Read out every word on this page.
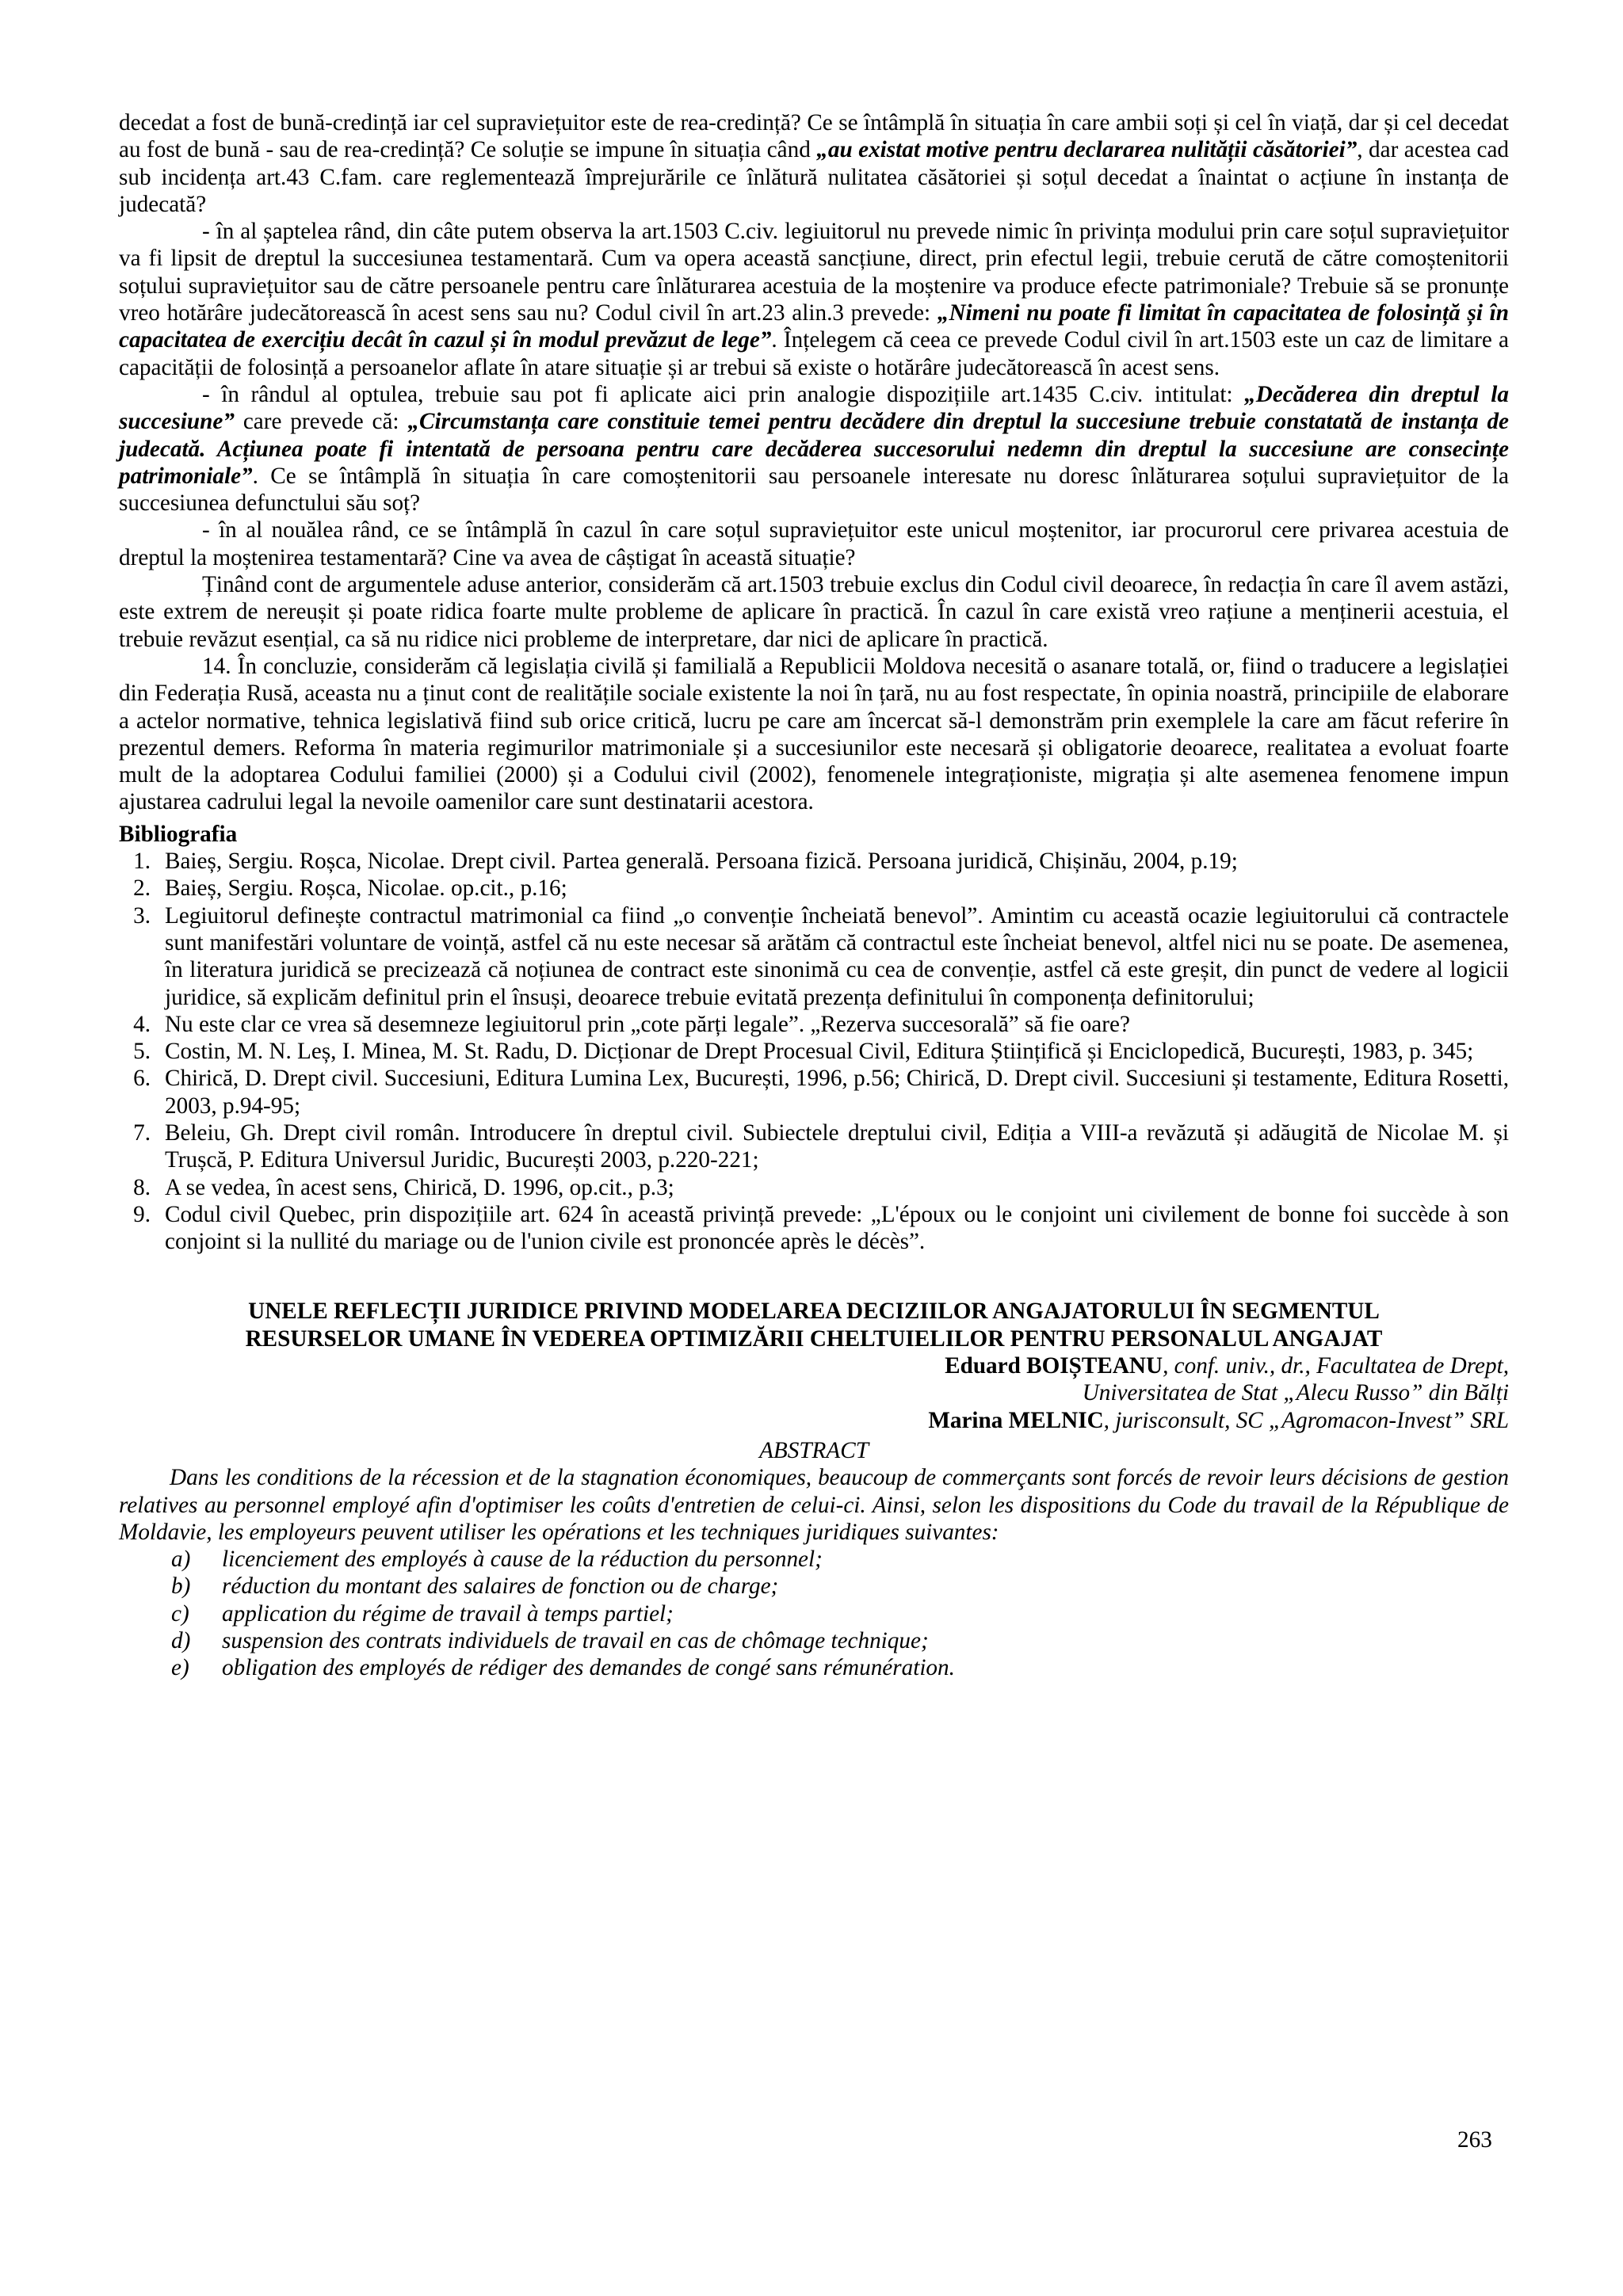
decedat a fost de bună-credință iar cel supraviețuitor este de rea-credință? Ce se întâmplă în situația în care ambii soți și cel în viață, dar și cel decedat au fost de bună - sau de rea-credință? Ce soluție se impune în situația când „au existat motive pentru declararea nulității căsătoriei”, dar acestea cad sub incidența art.43 C.fam. care reglementează împrejurările ce înlătură nulitatea căsătoriei și soțul decedat a înaintat o acțiune în instanța de judecată?

- în al șaptelea rând, din câte putem observa la art.1503 C.civ. legiuitorul nu prevede nimic în privința modului prin care soțul supraviețuitor va fi lipsit de dreptul la succesiunea testamentară. Cum va opera această sancțiune, direct, prin efectul legii, trebuie cerută de către comoștenitorii soțului supraviețuitor sau de către persoanele pentru care înlăturarea acestuia de la moștenire va produce efecte patrimoniale? Trebuie să se pronunțe vreo hotărâre judecătorească în acest sens sau nu? Codul civil în art.23 alin.3 prevede: „Nimeni nu poate fi limitat în capacitatea de folosință și în capacitatea de exercițiu decât în cazul și în modul prevăzut de lege”. Înțelegem că ceea ce prevede Codul civil în art.1503 este un caz de limitare a capacității de folosință a persoanelor aflate în atare situație și ar trebui să existe o hotărâre judecătorească în acest sens.

- în rândul al optulea, trebuie sau pot fi aplicate aici prin analogie dispozițiile art.1435 C.civ. intitulat: „Decăderea din dreptul la succesiune” care prevede că: „Circumstanța care constituie temei pentru decădere din dreptul la succesiune trebuie constatată de instanța de judecată. Acțiunea poate fi intentată de persoana pentru care decăderea succesorului nedemn din dreptul la succesiune are consecințe patrimoniale”. Ce se întâmplă în situația în care comoștenitorii sau persoanele interesate nu doresc înlăturarea soțului supraviețuitor de la succesiunea defunctului său soț?

- în al nouălea rând, ce se întâmplă în cazul în care soțul supraviețuitor este unicul moștenitor, iar procurorul cere privarea acestuia de dreptul la moștenirea testamentară? Cine va avea de câștigat în această situație?

Ținând cont de argumentele aduse anterior, considerăm că art.1503 trebuie exclus din Codul civil deoarece, în redacția în care îl avem astăzi, este extrem de nereușit și poate ridica foarte multe probleme de aplicare în practică. În cazul în care există vreo rațiune a menținerii acestuia, el trebuie revăzut esențial, ca să nu ridice nici probleme de interpretare, dar nici de aplicare în practică.

14. În concluzie, considerăm că legislația civilă și familială a Republicii Moldova necesită o asanare totală, or, fiind o traducere a legislației din Federația Rusă, aceasta nu a ținut cont de realitățile sociale existente la noi în țară, nu au fost respectate, în opinia noastră, principiile de elaborare a actelor normative, tehnica legislativă fiind sub orice critică, lucru pe care am încercat să-l demonstrăm prin exemplele la care am făcut referire în prezentul demers. Reforma în materia regimurilor matrimoniale și a succesiunilor este necesară și obligatorie deoarece, realitatea a evoluat foarte mult de la adoptarea Codului familiei (2000) și a Codului civil (2002), fenomenele integraționiste, migrația și alte asemenea fenomene impun ajustarea cadrului legal la nevoile oamenilor care sunt destinatarii acestora.

Bibliografia

1. Baieș, Sergiu. Roșca, Nicolae. Drept civil. Partea generală. Persoana fizică. Persoana juridică, Chișinău, 2004, p.19;
2. Baieș, Sergiu. Roșca, Nicolae. op.cit., p.16;
3. Legiuitorul definește contractul matrimonial ca fiind „o convenție încheiată benevol”. Amintim cu această ocazie legiuitorului că contractele sunt manifestări voluntare de voință, astfel că nu este necesar să arătăm că contractul este încheiat benevol, altfel nici nu se poate. De asemenea, în literatura juridică se precizează că noțiunea de contract este sinonimă cu cea de convenție, astfel că este greșit, din punct de vedere al logicii juridice, să explicăm definitul prin el însuși, deoarece trebuie evitată prezența definitului în componența definitorului;
4. Nu este clar ce vrea să desemneze legiuitorul prin „cote părți legale”. „Rezerva succesorală” să fie oare?
5. Costin, M. N. Leș, I. Minea, M. St. Radu, D. Dicționar de Drept Procesual Civil, Editura Științifică și Enciclopedică, București, 1983, p. 345;
6. Chirică, D. Drept civil. Succesiuni, Editura Lumina Lex, București, 1996, p.56; Chirică, D. Drept civil. Succesiuni și testamente, Editura Rosetti, 2003, p.94-95;
7. Beleiu, Gh. Drept civil român. Introducere în dreptul civil. Subiectele dreptului civil, Ediția a VIII-a revăzută și adăugită de Nicolae M. și Trușcă, P. Editura Universul Juridic, București 2003, p.220-221;
8. A se vedea, în acest sens, Chirică, D. 1996, op.cit., p.3;
9. Codul civil Quebec, prin dispozițiile art. 624 în această privință prevede: „L'époux ou le conjoint uni civilement de bonne foi succède à son conjoint si la nullité du mariage ou de l'union civile est prononcée après le décès”.
UNELE REFLECȚII JURIDICE PRIVIND MODELAREA DECIZIILOR ANGAJATORULUI ÎN SEGMENTUL
RESURSELOR UMANE ÎN VEDEREA OPTIMIZĂRII CHELTUIELILOR PENTRU PERSONALUL ANGAJAT
Eduard BOIȘTEANU, conf. univ., dr., Facultatea de Drept,
Universitatea de Stat „Alecu Russo” din Bălți
Marina MELNIC, jurisconsult, SC „Agromacon-Invest” SRL
ABSTRACT

Dans les conditions de la récession et de la stagnation économiques, beaucoup de commerçants sont forcés de revoir leurs décisions de gestion relatives au personnel employé afin d'optimiser les coûts d'entretien de celui-ci. Ainsi, selon les dispositions du Code du travail de la République de Moldavie, les employeurs peuvent utiliser les opérations et les techniques juridiques suivantes:

a)	licenciement des employés à cause de la réduction du personnel;
b)	réduction du montant des salaires de fonction ou de charge;
c)	application du régime de travail à temps partiel;
d)	suspension des contrats individuels de travail en cas de chômage technique;
e)	obligation des employés de rédiger des demandes de congé sans rémunération.
263
